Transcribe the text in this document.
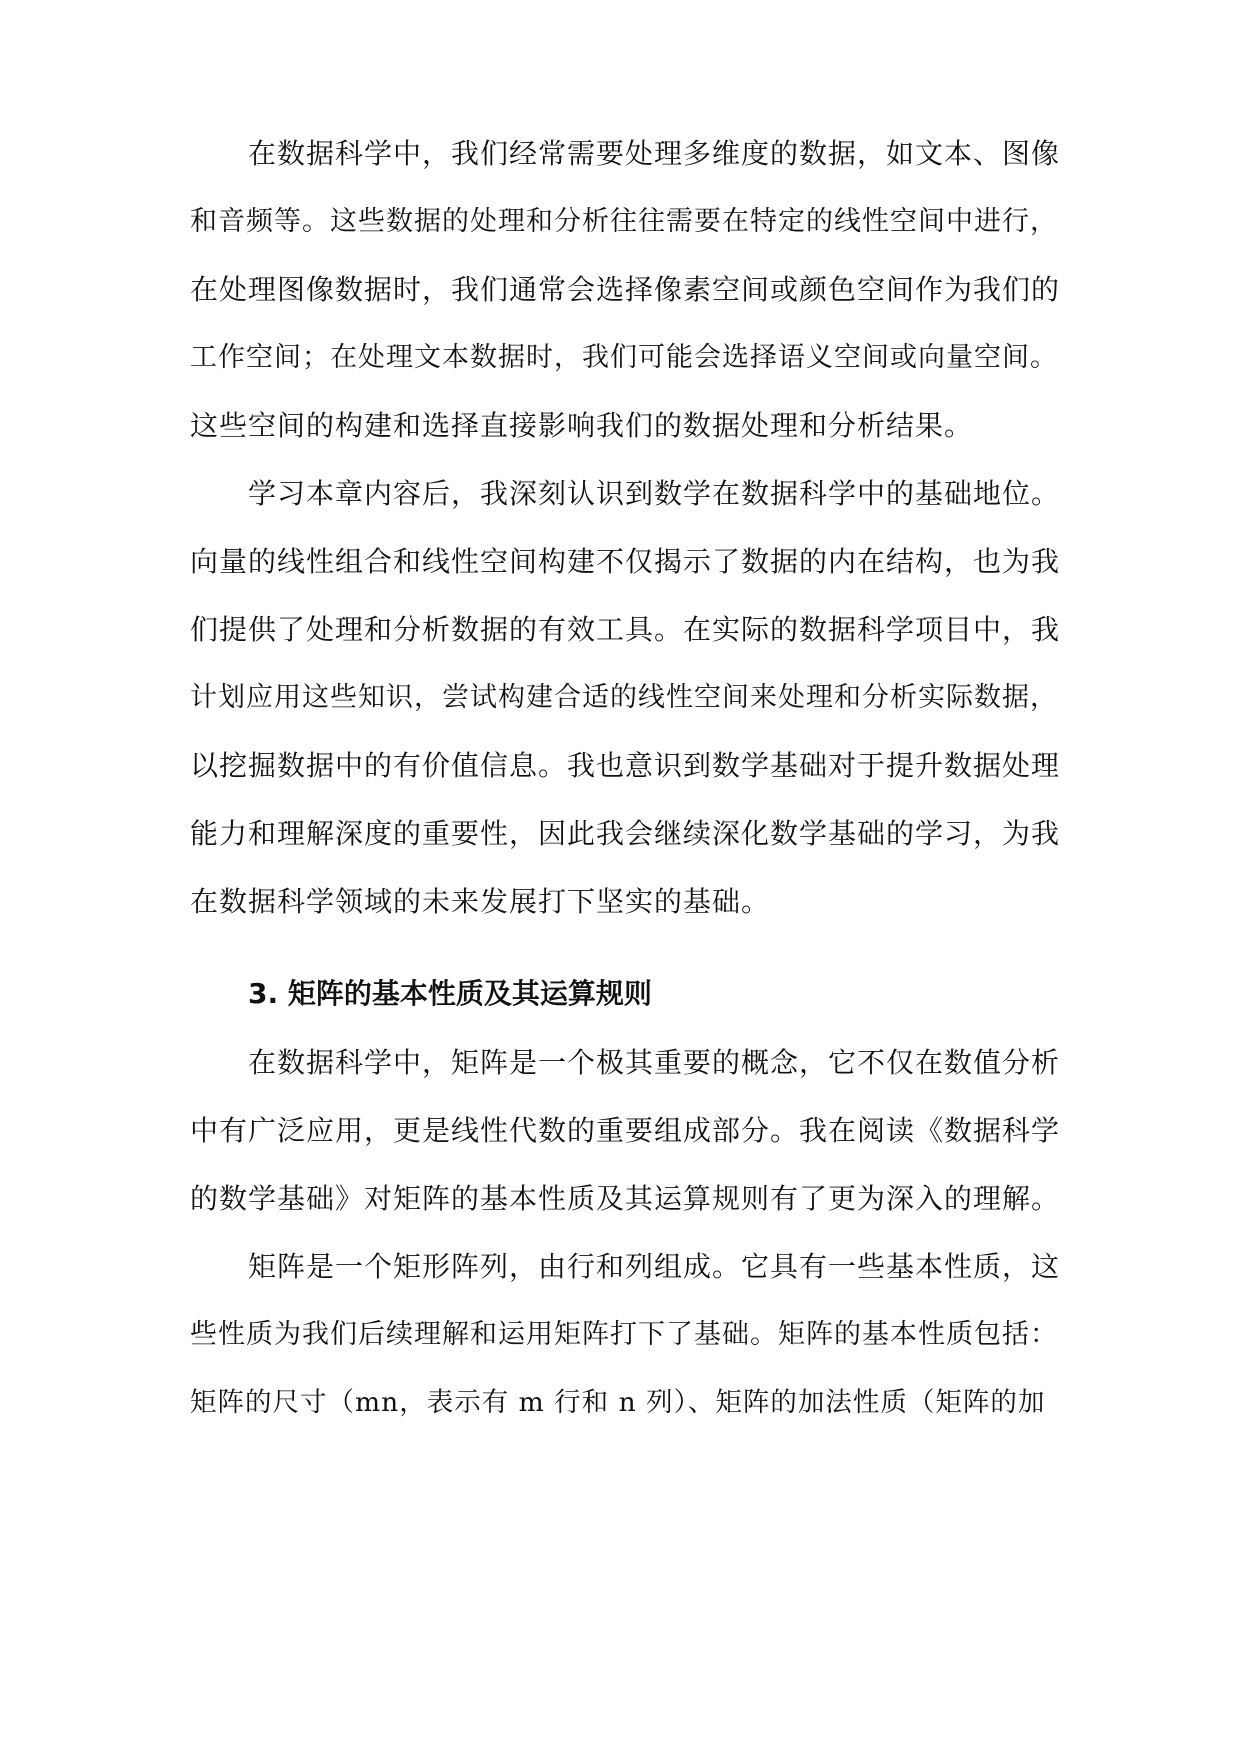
在数据科学中，我们经常需要处理多维度的数据，如文本、图像
和音频等。这些数据的处理和分析往往需要在特定的线性空间中进行，
在处理图像数据时，我们通常会选择像素空间或颜色空间作为我们的
工作空间；在处理文本数据时，我们可能会选择语义空间或向量空间。
这些空间的构建和选择直接影响我们的数据处理和分析结果。
学习本章内容后，我深刻认识到数学在数据科学中的基础地位。
向量的线性组合和线性空间构建不仅揭示了数据的内在结构，也为我
们提供了处理和分析数据的有效工具。在实际的数据科学项目中，我
计划应用这些知识，尝试构建合适的线性空间来处理和分析实际数据，
以挖掘数据中的有价值信息。我也意识到数学基础对于提升数据处理
能力和理解深度的重要性，因此我会继续深化数学基础的学习，为我
在数据科学领域的未来发展打下坚实的基础。
3. 矩阵的基本性质及其运算规则
在数据科学中，矩阵是一个极其重要的概念，它不仅在数值分析
中有广泛应用，更是线性代数的重要组成部分。我在阅读《数据科学
的数学基础》对矩阵的基本性质及其运算规则有了更为深入的理解。
矩阵是一个矩形阵列，由行和列组成。它具有一些基本性质，这
些性质为我们后续理解和运用矩阵打下了基础。矩阵的基本性质包括：
矩阵的尺寸（mn，表示有 m 行和 n 列）、矩阵的加法性质（矩阵的加
